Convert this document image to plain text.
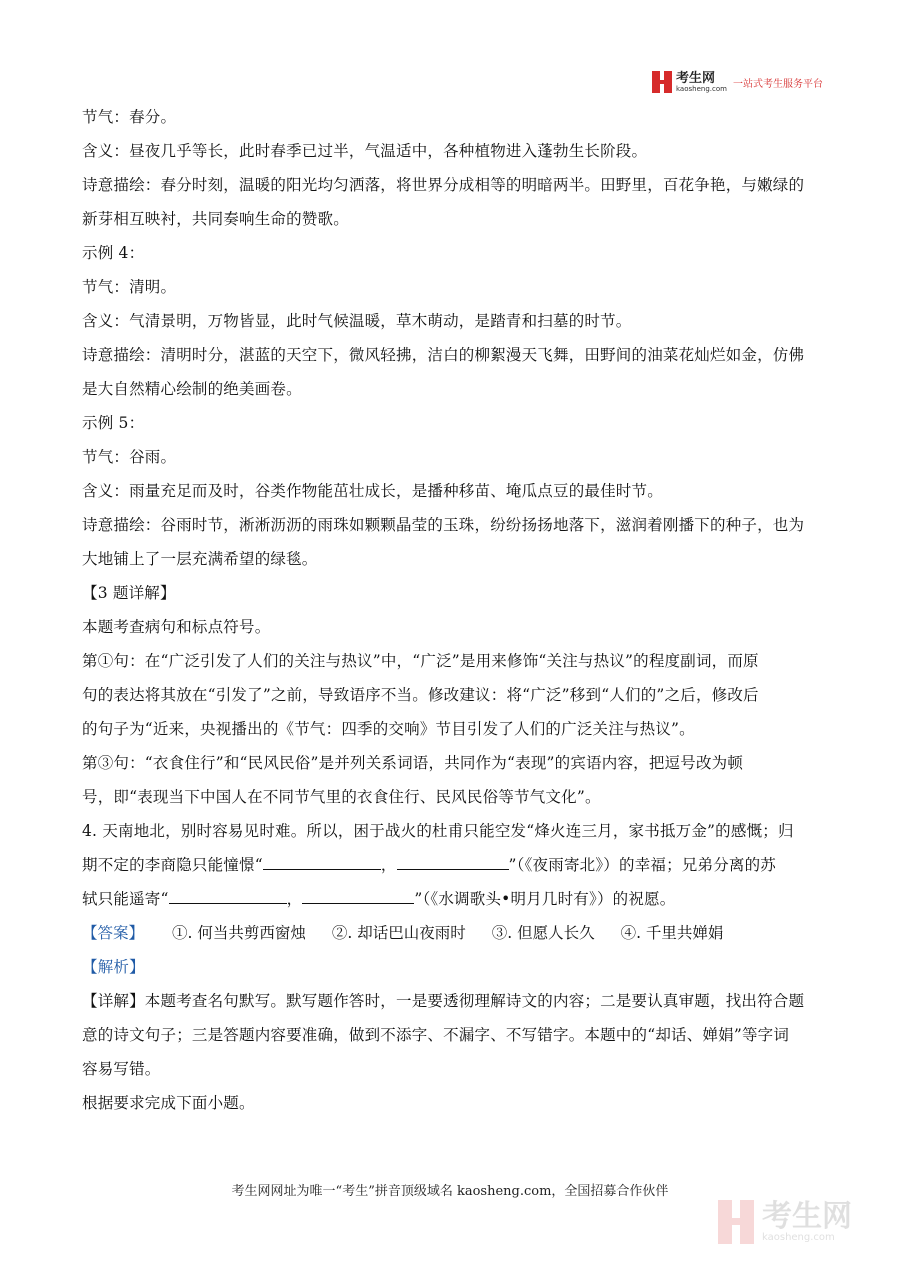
考生网
kaosheng.com 一站式考生服务平台

节气：春分。

含义：昼夜几乎等长，此时春季已过半，气温适中，各种植物进入蓬勃生长阶段。

诗意描绘：春分时刻，温暖的阳光均匀洒落，将世界分成相等的明暗两半。田野里，百花争艳，与嫩绿的

新芽相互映衬，共同奏响生命的赞歌。

示例 4：

节气：清明。

含义：气清景明，万物皆显，此时气候温暖，草木萌动，是踏青和扫墓的时节。

诗意描绘：清明时分，湛蓝的天空下，微风轻拂，洁白的柳絮漫天飞舞，田野间的油菜花灿烂如金，仿佛

是大自然精心绘制的绝美画卷。

示例 5：

节气：谷雨。

含义：雨量充足而及时，谷类作物能茁壮成长，是播种移苗、埯瓜点豆的最佳时节。

诗意描绘：谷雨时节，淅淅沥沥的雨珠如颗颗晶莹的玉珠，纷纷扬扬地落下，滋润着刚播下的种子，也为

大地铺上了一层充满希望的绿毯。

【3 题详解】

本题考查病句和标点符号。

第①句：在“广泛引发了人们的关注与热议”中，“广泛”是用来修饰“关注与热议”的程度副词，而原

句的表达将其放在“引发了”之前，导致语序不当。修改建议：将“广泛”移到“人们的”之后，修改后

的句子为“近来，央视播出的《节气：四季的交响》节目引发了人们的广泛关注与热议”。

第③句：“衣食住行”和“民风民俗”是并列关系词语，共同作为“表现”的宾语内容，把逗号改为顿

号，即“表现当下中国人在不同节气里的衣食住行、民风民俗等节气文化”。

4. 天南地北，别时容易见时难。所以，困于战火的杜甫只能空发“烽火连三月，家书抵万金”的感慨；归

期不定的李商隐只能憧憬“	，	”（《夜雨寄北》）的幸福；兄弟分离的苏

轼只能遥寄“	，	”（《水调歌头•明月几时有》）的祝愿。

【答案】	①. 何当共剪西窗烛 ②. 却话巴山夜雨时 ③. 但愿人长久 ④. 千里共婵娟

【解析】

【详解】本题考查名句默写。默写题作答时，一是要透彻理解诗文的内容；二是要认真审题，找出符合题

意的诗文句子；三是答题内容要准确，做到不添字、不漏字、不写错字。本题中的“却话、婵娟”等字词

容易写错。

根据要求完成下面小题。

考生网网址为唯一“考生”拼音顶级域名 kaosheng.com，全国招募合作伙伴
考生网
kaosheng.com
